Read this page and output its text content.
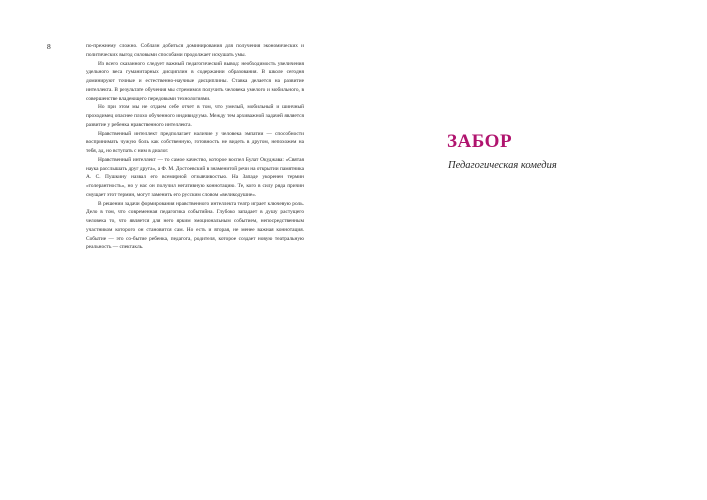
8	по-прежнему сложно. Соблазн добиться доминирования для получения экономических и политических выгод силовыми способами продолжает искушать умы.

Из всего сказанного следует важный педагогический вывод: необходимость увеличения удельного веса гуманитарных дисциплин в содержании образования. В школе сегодня доминируют точные и естественно-научные дисциплины. Ставка делается на развитие интеллекта. В результате обучения мы стремимся получить человека умелого и мобильного, в совершенстве владеющего передовыми технологиями.

Но при этом мы не отдаем себе отчет в том, что умелый, мобильный и шинчный проходимец опаснее плохо обученного индивидуума. Между тем архиважной задачей является развитие у ребенка нравственного интеллекта.

Нравственный интеллект предполагает наличие у человека эмпатии — способности воспринимать чужую боль как собственную, готовность не видеть в другом, непохожем на тебя, ад, но вступать с ним в диалог.

Нравственный интеллект — то самое качество, которое воспел Булат Окуджава: «Святая наука расслышать друг друга», а Ф. М. Достоевский в знаменитой речи на открытии памятника А. С. Пушкину назвал его всемирной отзывчивостью. На Западе укоренен термин «толерантность», но у нас он получил негативную коннотацию. Те, кого в силу ряда причин смущает этот термин, могут заменить его русским словом «великодушие».

В решении задачи формирования нравственного интеллекта театр играет ключевую роль. Дело в том, что современная педагогика событийна. Глубоко западает в душу растущего человека то, что является для него ярким эмоциональным событием, непосредственным участником которого он становится сам. Но есть и вторая, не менее важная коннотация. Событие — это со-бытие ребенка, педагога, родителя, которое создает новую театральную реальность — спектакль.

ЗАБОР
Педагогическая комедия
